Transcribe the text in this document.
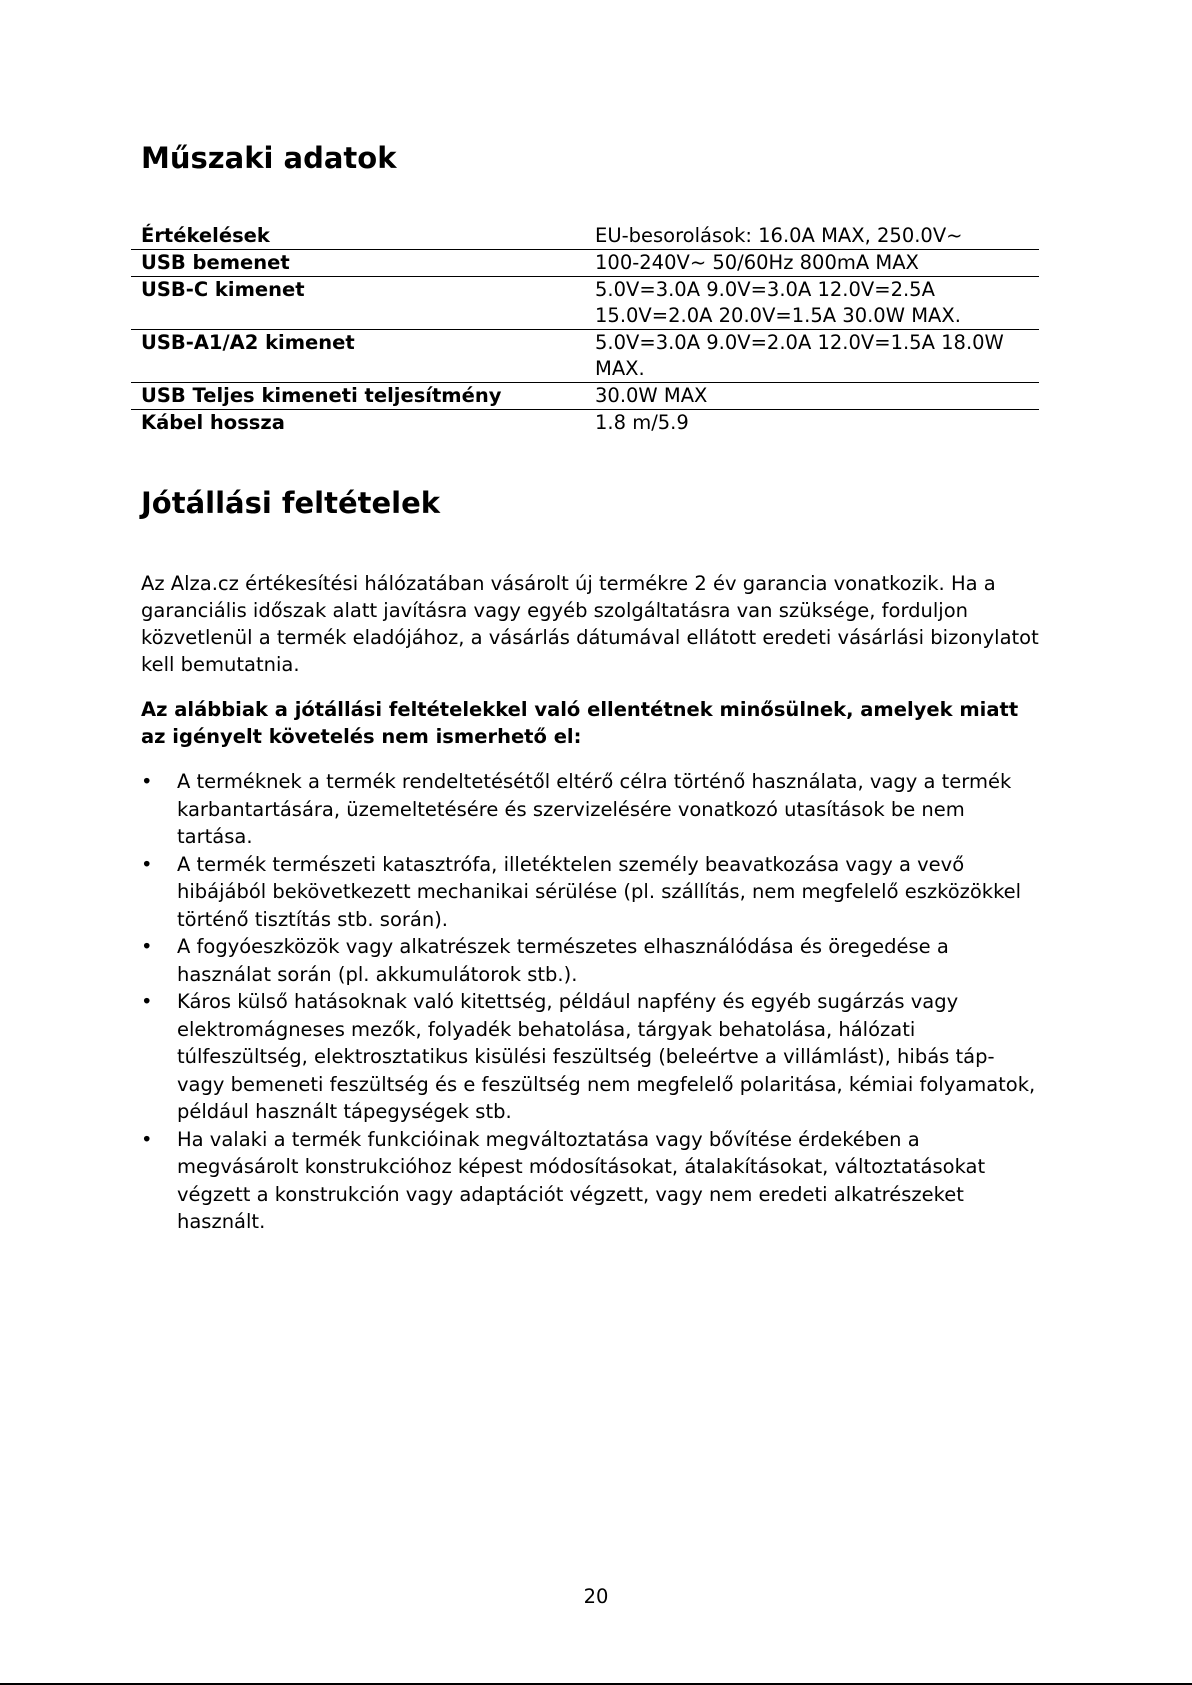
Műszaki adatok
Értékelések	EU-besorolások: 16.0A MAX, 250.0V~
USB bemenet	100-240V~ 50/60Hz 800mA MAX
USB-C kimenet	5.0V=3.0A 9.0V=3.0A 12.0V=2.5A 15.0V=2.0A 20.0V=1.5A 30.0W MAX.
USB-A1/A2 kimenet	5.0V=3.0A 9.0V=2.0A 12.0V=1.5A 18.0W MAX.
USB Teljes kimeneti teljesítmény	30.0W MAX
Kábel hossza	1.8 m/5.9
Jótállási feltételek

Az Alza.cz értékesítési hálózatában vásárolt új termékre 2 év garancia vonatkozik. Ha a garanciális időszak alatt javításra vagy egyéb szolgáltatásra van szüksége, forduljon közvetlenül a termék eladójához, a vásárlás dátumával ellátott eredeti vásárlási bizonylatot kell bemutatnia.

Az alábbiak a jótállási feltételekkel való ellentétnek minősülnek, amelyek miatt az igényelt követelés nem ismerhető el:

• A terméknek a termék rendeltetésétől eltérő célra történő használata, vagy a termék karbantartására, üzemeltetésére és szervizelésére vonatkozó utasítások be nem tartása.
• A termék természeti katasztrófa, illetéktelen személy beavatkozása vagy a vevő hibájából bekövetkezett mechanikai sérülése (pl. szállítás, nem megfelelő eszközökkel történő tisztítás stb. során).
• A fogyóeszközök vagy alkatrészek természetes elhasználódása és öregedése a használat során (pl. akkumulátorok stb.).
• Káros külső hatásoknak való kitettség, például napfény és egyéb sugárzás vagy elektromágneses mezők, folyadék behatolása, tárgyak behatolása, hálózati túlfeszültség, elektrosztatikus kisülési feszültség (beleértve a villámlást), hibás táp- vagy bemeneti feszültség és e feszültség nem megfelelő polaritása, kémiai folyamatok, például használt tápegységek stb.
• Ha valaki a termék funkcióinak megváltoztatása vagy bővítése érdekében a megvásárolt konstrukcióhoz képest módosításokat, átalakításokat, változtatásokat végzett a konstrukción vagy adaptációt végzett, vagy nem eredeti alkatrészeket használt.
20
